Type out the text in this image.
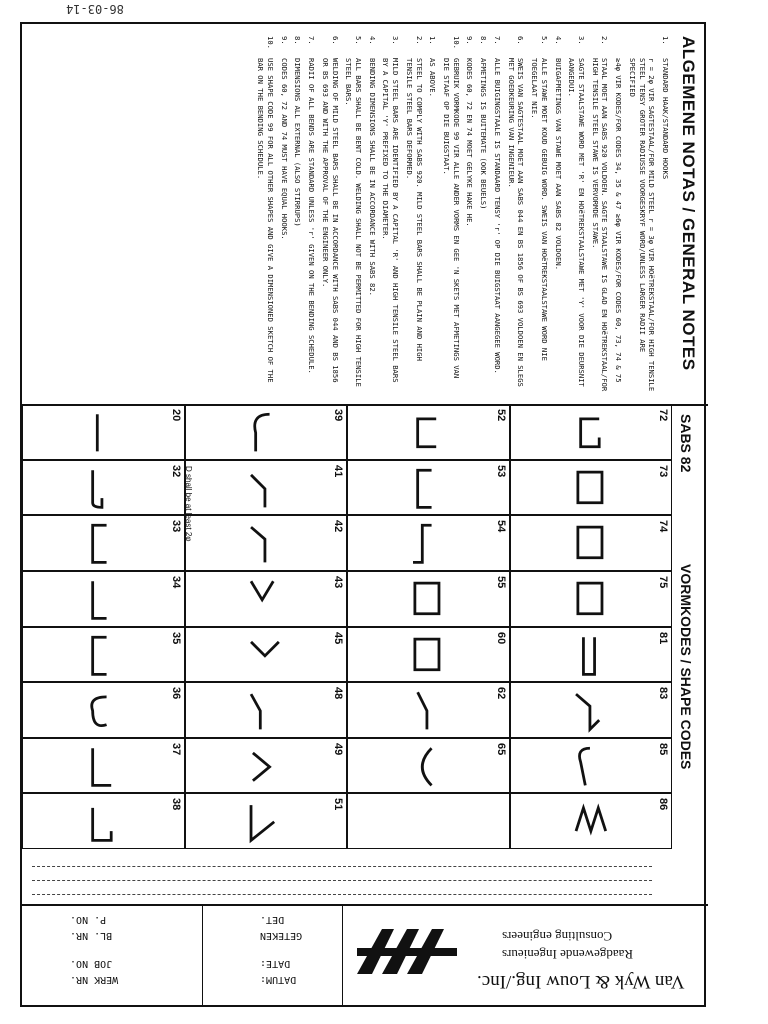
86-03-14
ALGEMENE NOTAS / GENERAL NOTES
1.
STANDARD HAAK/STANDARD HOOKS
r = 2φ VIR SAGTESTAAL/FOR MILD STEEL r = 3φ VIR HOëTREKSTAAL/FOR HIGH TENSILE STEEL TENSY GROTER RADIUSSE VOORGESKRYF WORD/UNLESS LARGER RADII ARE SPECIFIED
≥4φ VIR KODES/FOR CODES 34, 35 & 47 ≥6φ VIR KODES/FOR CODES 60, 73, 74 & 75
2.
STAAL MOET AAN SABS 920 VOLDOEN. SAGTE STAALSTAWE IS GLAD EN HOëTREKSTAAL/FOR HIGH TENSILE STEEL STAWE IS VERVORMDE STAWE.
3.
SAGTE STAALSTAWE WORD MET 'R' EN HOëTREKSTAALSTAWE MET 'Y' VOOR DIE DEURSNIT AANGEDUI.
4.
BUIGAFMETINGS VAN STAWE MOET AAN SABS 82 VOLDOEN.
5.
ALLE STAWE MOET KOUD GEBUIG WORD. SWEIS VAN HOëTREKSTAALSTAWE WORD NIE TOEGELAAT NIE.
6.
SWEIS VAN SAGTESTAAL MOET AAN SABS 044 EN BS 1856 OF BS 693 VOLDOEN EN SLEGS MET GOEDKEURING VAN INGENIEUR.
7.
ALLE BUIGINGSTAALE IS STANDAARD TENSY 'r' OP DIE BUIGSTAAT AANGEGEE WORD.
8.
AFMETINGS IS BUITEMATE (OOK BEUELS)
9.
KODES 60, 72 EN 74 MOET GELYKE HAKE HE.
10.
GEBRUIK VORMKODE 99 VIR ALLE ANDER VORMS EN GEE 'N SKETS MET AFMETINGS VAN DIE STAAF OP DIE BUIGSTAAT.
1.
AS ABOVE.
2.
STEEL TO COMPLY WITH SABS 920. MILD STEEL BARS SHALL BE PLAIN AND HIGH TENSILE STEEL BARS DEFORMED.
3.
MILD STEEL BARS ARE IDENTIFIED BY A CAPITAL 'R' AND HIGH TENSILE STEEL BARS BY A CAPITAL 'Y' PREFIXED TO THE DIAMETER.
4.
BENDING DIMENSIONS SHALL BE IN ACCORDANCE WITH SABS 82.
5.
ALL BARS SHALL BE BENT COLD. WELDING SHALL NOT BE PERMITTED FOR HIGH TENSILE STEEL BARS.
6.
WELDING OF MILD STEEL BARS SHALL BE IN ACCORDANCE WITH SABS 044 AND BS 1856 OR BS 693 AND WITH THE APPROVAL OF THE ENGINEER ONLY.
7.
RADII OF ALL BENDS ARE STANDARD UNLESS 'r' GIVEN ON THE BENDING SCHEDULE.
8.
DIMENSIONS ALL EXTERNAL (ALSO STIRRUPS)
9.
CODES 60, 72 AND 74 MUST HAVE EQUAL HOOKS.
10.
USE SHAPE CODE 99 FOR ALL OTHER SHAPES AND GIVE A DIMENSIONED SKETCH OF THE BAR ON THE BENDING SCHEDULE.
20
32
33
34
35
36
37
38
39
41
42
43
45
48
49
51
52
53
54
55
60
62
65
72
73
74
75
81
83
85
86
D shall be at least 2φ
SABS 82
VORMKODES / SHAPE CODES
P. NO.
BL. NR.
JOB NO.
WERK NR.
DET.
GETEKEN
DATE:
DATUM:	Van Wyk & Louw Ing./Inc.
Raadgewende Ingenieurs
Consulting engineers
